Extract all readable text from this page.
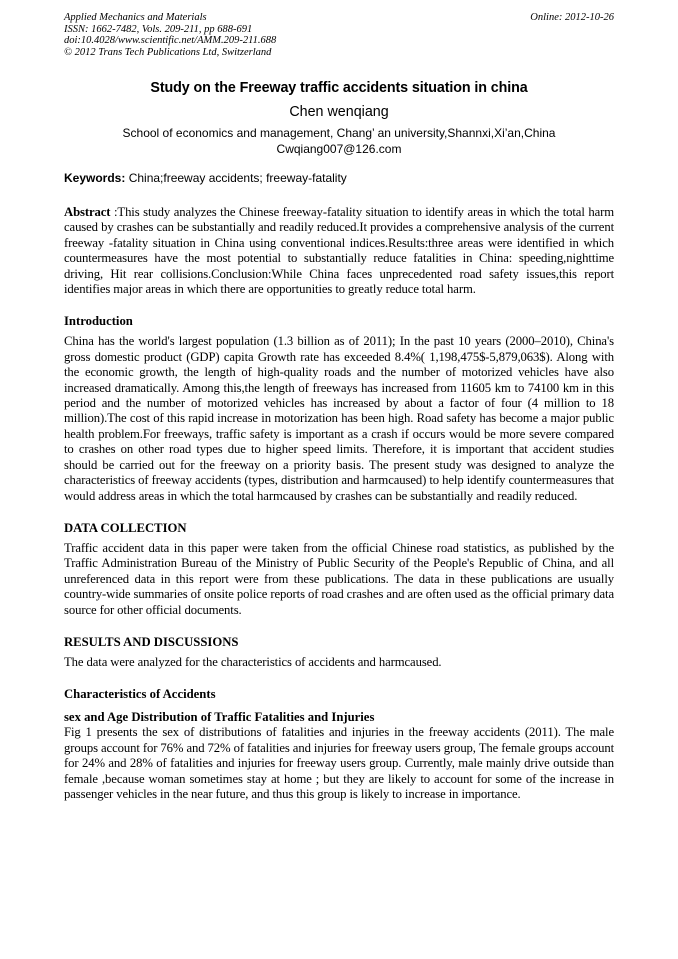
Applied Mechanics and Materials
ISSN: 1662-7482, Vols. 209-211, pp 688-691
doi:10.4028/www.scientific.net/AMM.209-211.688
© 2012 Trans Tech Publications Ltd, Switzerland
Online: 2012-10-26
Study on the Freeway traffic accidents situation in china
Chen wenqiang
School of economics and management, Chang’ an university,Shannxi,Xi’an,China
Cwqiang007@126.com
Keywords: China;freeway accidents; freeway-fatality

Abstract :This study analyzes the Chinese freeway-fatality situation to identify areas in which the total harm caused by crashes can be substantially and readily reduced.It provides a comprehensive analysis of the current freeway -fatality situation in China using conventional indices.Results:three areas were identified in which countermeasures have the most potential to substantially reduce fatalities in China: speeding,nighttime driving, Hit rear collisions.Conclusion:While China faces unprecedented road safety issues,this report identifies major areas in which there are opportunities to greatly reduce total harm.

Introduction

China has the world's largest population (1.3 billion as of 2011); In the past 10 years (2000–2010), China's gross domestic product (GDP) capita Growth rate has exceeded 8.4%( 1,198,475$-5,879,063$). Along with the economic growth, the length of high-quality roads and the number of motorized vehicles have also increased dramatically. Among this,the length of freeways has increased from 11605 km to 74100 km in this period and the number of motorized vehicles has increased by about a factor of four (4 million to 18 million).The cost of this rapid increase in motorization has been high. Road safety has become a major public health problem.For freeways, traffic safety is important as a crash if occurs would be more severe compared to crashes on other road types due to higher speed limits. Therefore, it is important that accident studies should be carried out for the freeway on a priority basis. The present study was designed to analyze the characteristics of freeway accidents (types, distribution and harmcaused) to help identify countermeasures that would address areas in which the total harmcaused by crashes can be substantially and readily reduced.

DATA COLLECTION

Traffic accident data in this paper were taken from the official Chinese road statistics, as published by the Traffic Administration Bureau of the Ministry of Public Security of the People's Republic of China, and all unreferenced data in this report were from these publications. The data in these publications are usually country-wide summaries of onsite police reports of road crashes and are often used as the official primary data source for other official documents.

RESULTS AND DISCUSSIONS

The data were analyzed for the characteristics of accidents and harmcaused.

Characteristics of Accidents
sex and Age Distribution of Traffic Fatalities and Injuries

Fig 1 presents the sex of distributions of fatalities and injuries in the freeway accidents (2011). The male groups account for 76% and 72% of fatalities and injuries for freeway users group, The female groups account for 24% and 28% of fatalities and injuries for freeway users group. Currently, male mainly drive outside than female ,because woman sometimes stay at home ; but they are likely to account for some of the increase in passenger vehicles in the near future, and thus this group is likely to increase in importance.
